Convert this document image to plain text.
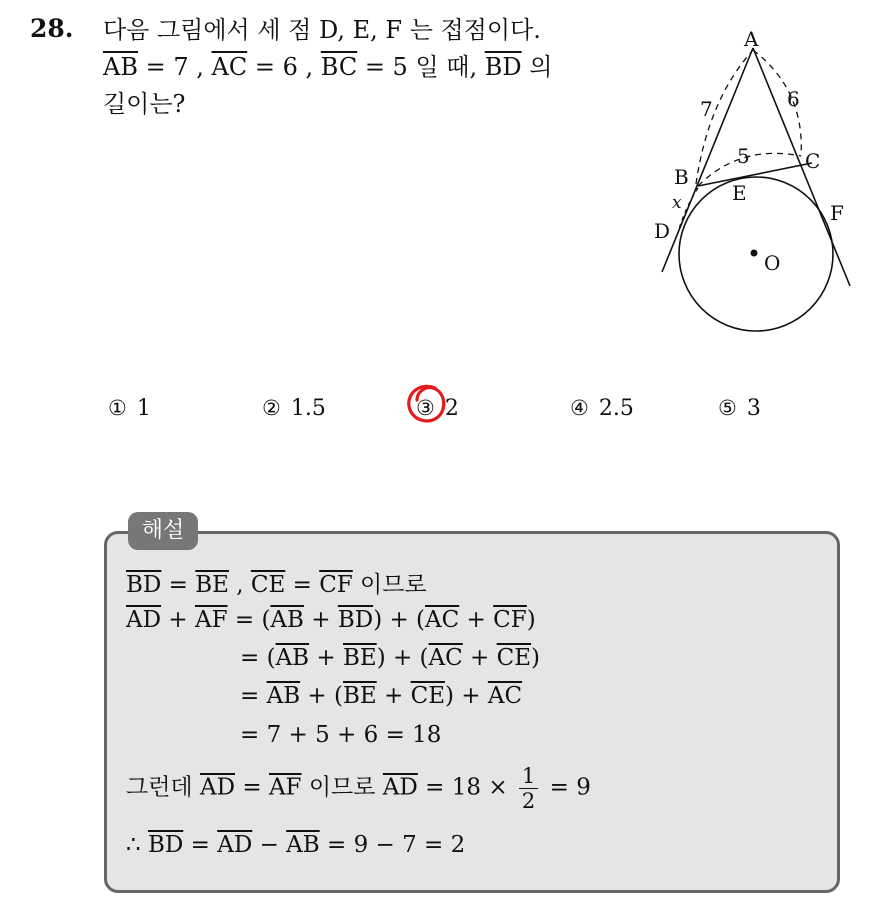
28. 다음 그림에서 세 점 D, E, F 는 접점이다.
$\overline{AB} = 7$ , $\overline{AC} = 6$ , $\overline{BC} = 5$ 일 때, $\overline{BD}$ 의
길이는?
A
B
C
D
E
F
O
7	6
5
x
① 1	② 1.5	③ 2	④ 2.5	⑤ 3
해설
$\overline{BD} = \overline{BE}$ , $\overline{CE} = \overline{CF}$ 이므로
$\overline{AD} + \overline{AF} = (\overline{AB} + \overline{BD}) + (\overline{AC} + \overline{CF})$
= $(\overline{AB} + \overline{BE}) + (\overline{AC} + \overline{CE})$
= $\overline{AB} + (\overline{BE} + \overline{CE}) + \overline{AC}$
= 7 + 5 + 6 = 18
그런데 $\overline{AD} = \overline{AF}$ 이므로 $\overline{AD} = 18 \times \frac{1}{2} = 9$
∴ $\overline{BD} = \overline{AD} - \overline{AB} = 9 - 7 = 2$
